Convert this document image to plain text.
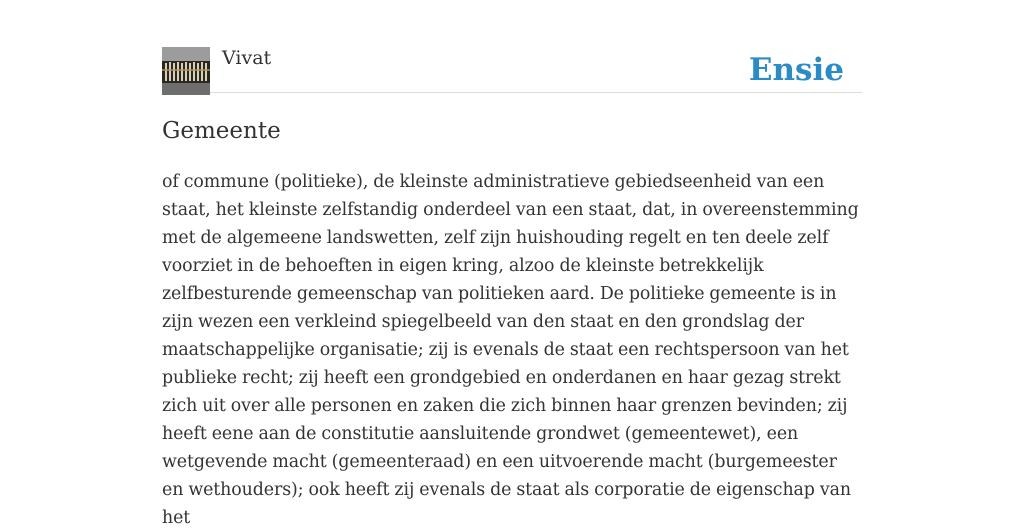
Vivat	Ensie
Gemeente

of commune (politieke), de kleinste administratieve gebiedseenheid van een staat, het kleinste zelfstandig onderdeel van een staat, dat, in overeenstemming met de algemeene landswetten, zelf zijn huishouding regelt en ten deele zelf voorziet in de behoeften in eigen kring, alzoo de kleinste betrekkelijk zelfbesturende gemeenschap van politieken aard. De politieke gemeente is in zijn wezen een verkleind spiegelbeeld van den staat en den grondslag der maatschappelijke organisatie; zij is evenals de staat een rechtspersoon van het publieke recht; zij heeft een grondgebied en onderdanen en haar gezag strekt zich uit over alle personen en zaken die zich binnen haar grenzen bevinden; zij heeft eene aan de constitutie aansluitende grondwet (gemeentewet), een wetgevende macht (gemeenteraad) en een uitvoerende macht (burgemeester en wethouders); ook heeft zij evenals de staat als corporatie de eigenschap van het
